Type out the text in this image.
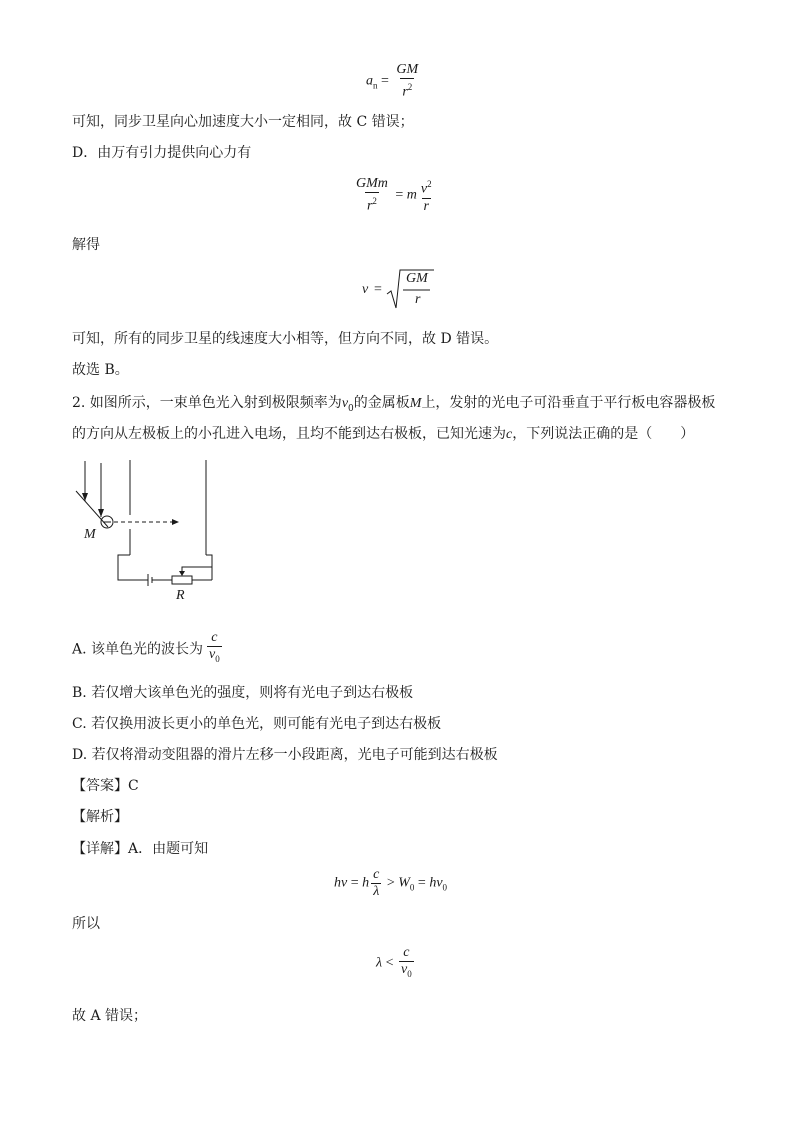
$a_n = \frac{GM}{r^2}$
可知，同步卫星向心加速度大小一定相同，故 C 错误；
D．由万有引力提供向心力有
$\frac{\text{GMm}}{r^2} = m \frac{v^2}{r}$
解得
v =
GM
r
可知，所有的同步卫星的线速度大小相等，但方向不同，故 D 错误。
故选 B。
2. 如图所示，一束单色光入射到极限频率为$\nu_0$的金属板M上，发射的光电子可沿垂直于平行板电容器极板
的方向从左极板上的小孔进入电场，且均不能到达右极板，已知光速为c，下列说法正确的是（　　）
M
R
A. 该单色光的波长为 $\frac{c}{\nu_0}$
B. 若仅增大该单色光的强度，则将有光电子到达右极板
C. 若仅换用波长更小的单色光，则可能有光电子到达右极板
D. 若仅将滑动变阻器的滑片左移一小段距离，光电子可能到达右极板
【答案】C
【解析】
【详解】A．由题可知
hν = h $\frac{c}{\lambda} > W_0 = h\nu_0$
所以
$\lambda < \frac{c}{\nu_0}$
故 A 错误；
